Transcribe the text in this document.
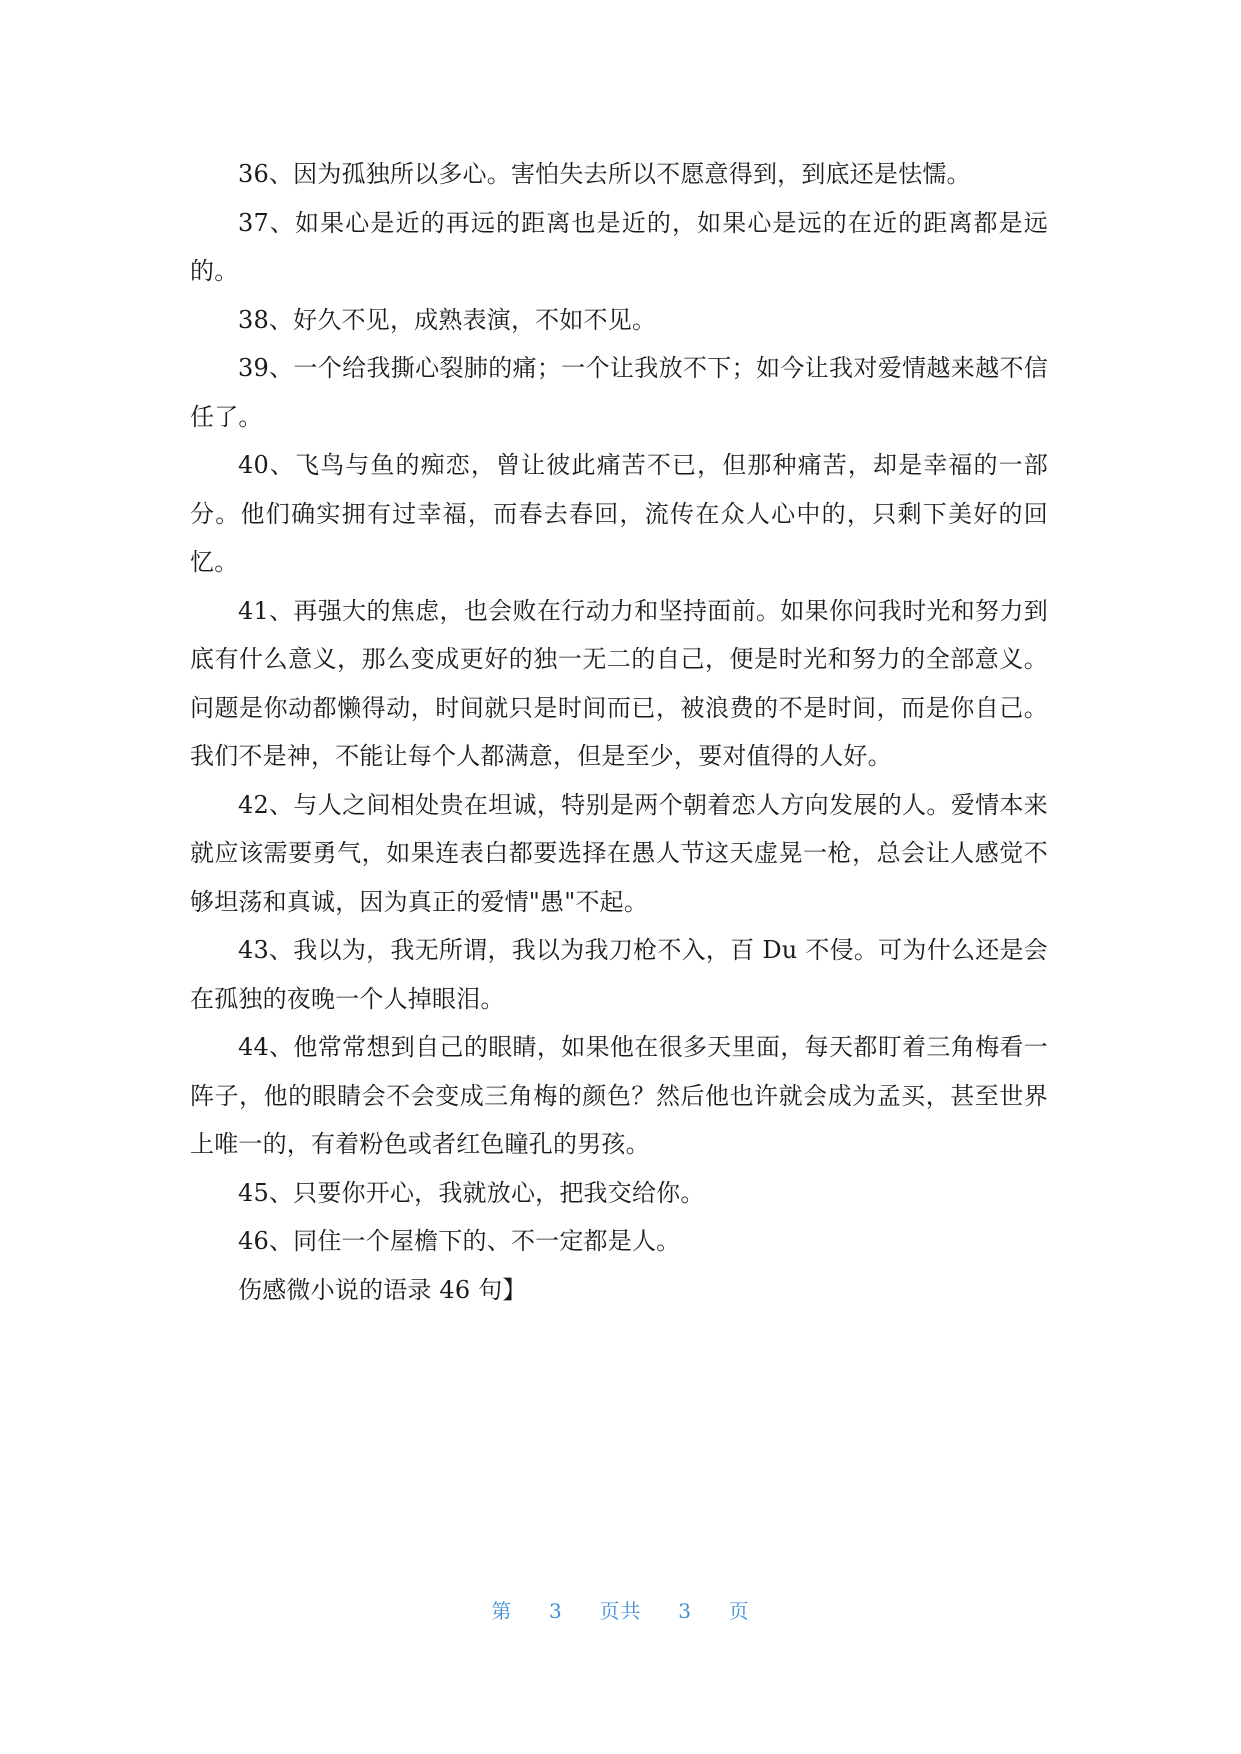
36、因为孤独所以多心。害怕失去所以不愿意得到，到底还是怯懦。

37、如果心是近的再远的距离也是近的，如果心是远的在近的距离都是远的。

38、好久不见，成熟表演，不如不见。

39、一个给我撕心裂肺的痛；一个让我放不下；如今让我对爱情越来越不信任了。

40、飞鸟与鱼的痴恋，曾让彼此痛苦不已，但那种痛苦，却是幸福的一部分。他们确实拥有过幸福，而春去春回，流传在众人心中的，只剩下美好的回忆。

41、再强大的焦虑，也会败在行动力和坚持面前。如果你问我时光和努力到底有什么意义，那么变成更好的独一无二的自己，便是时光和努力的全部意义。问题是你动都懒得动，时间就只是时间而已，被浪费的不是时间，而是你自己。我们不是神，不能让每个人都满意，但是至少，要对值得的人好。

42、与人之间相处贵在坦诚，特别是两个朝着恋人方向发展的人。爱情本来就应该需要勇气，如果连表白都要选择在愚人节这天虚晃一枪，总会让人感觉不够坦荡和真诚，因为真正的爱情"愚"不起。

43、我以为，我无所谓，我以为我刀枪不入，百 Du 不侵。可为什么还是会在孤独的夜晚一个人掉眼泪。

44、他常常想到自己的眼睛，如果他在很多天里面，每天都盯着三角梅看一阵子，他的眼睛会不会变成三角梅的颜色？然后他也许就会成为孟买，甚至世界上唯一的，有着粉色或者红色瞳孔的男孩。

45、只要你开心，我就放心，把我交给你。

46、同住一个屋檐下的、不一定都是人。

伤感微小说的语录 46 句】

第 3 页共 3 页
